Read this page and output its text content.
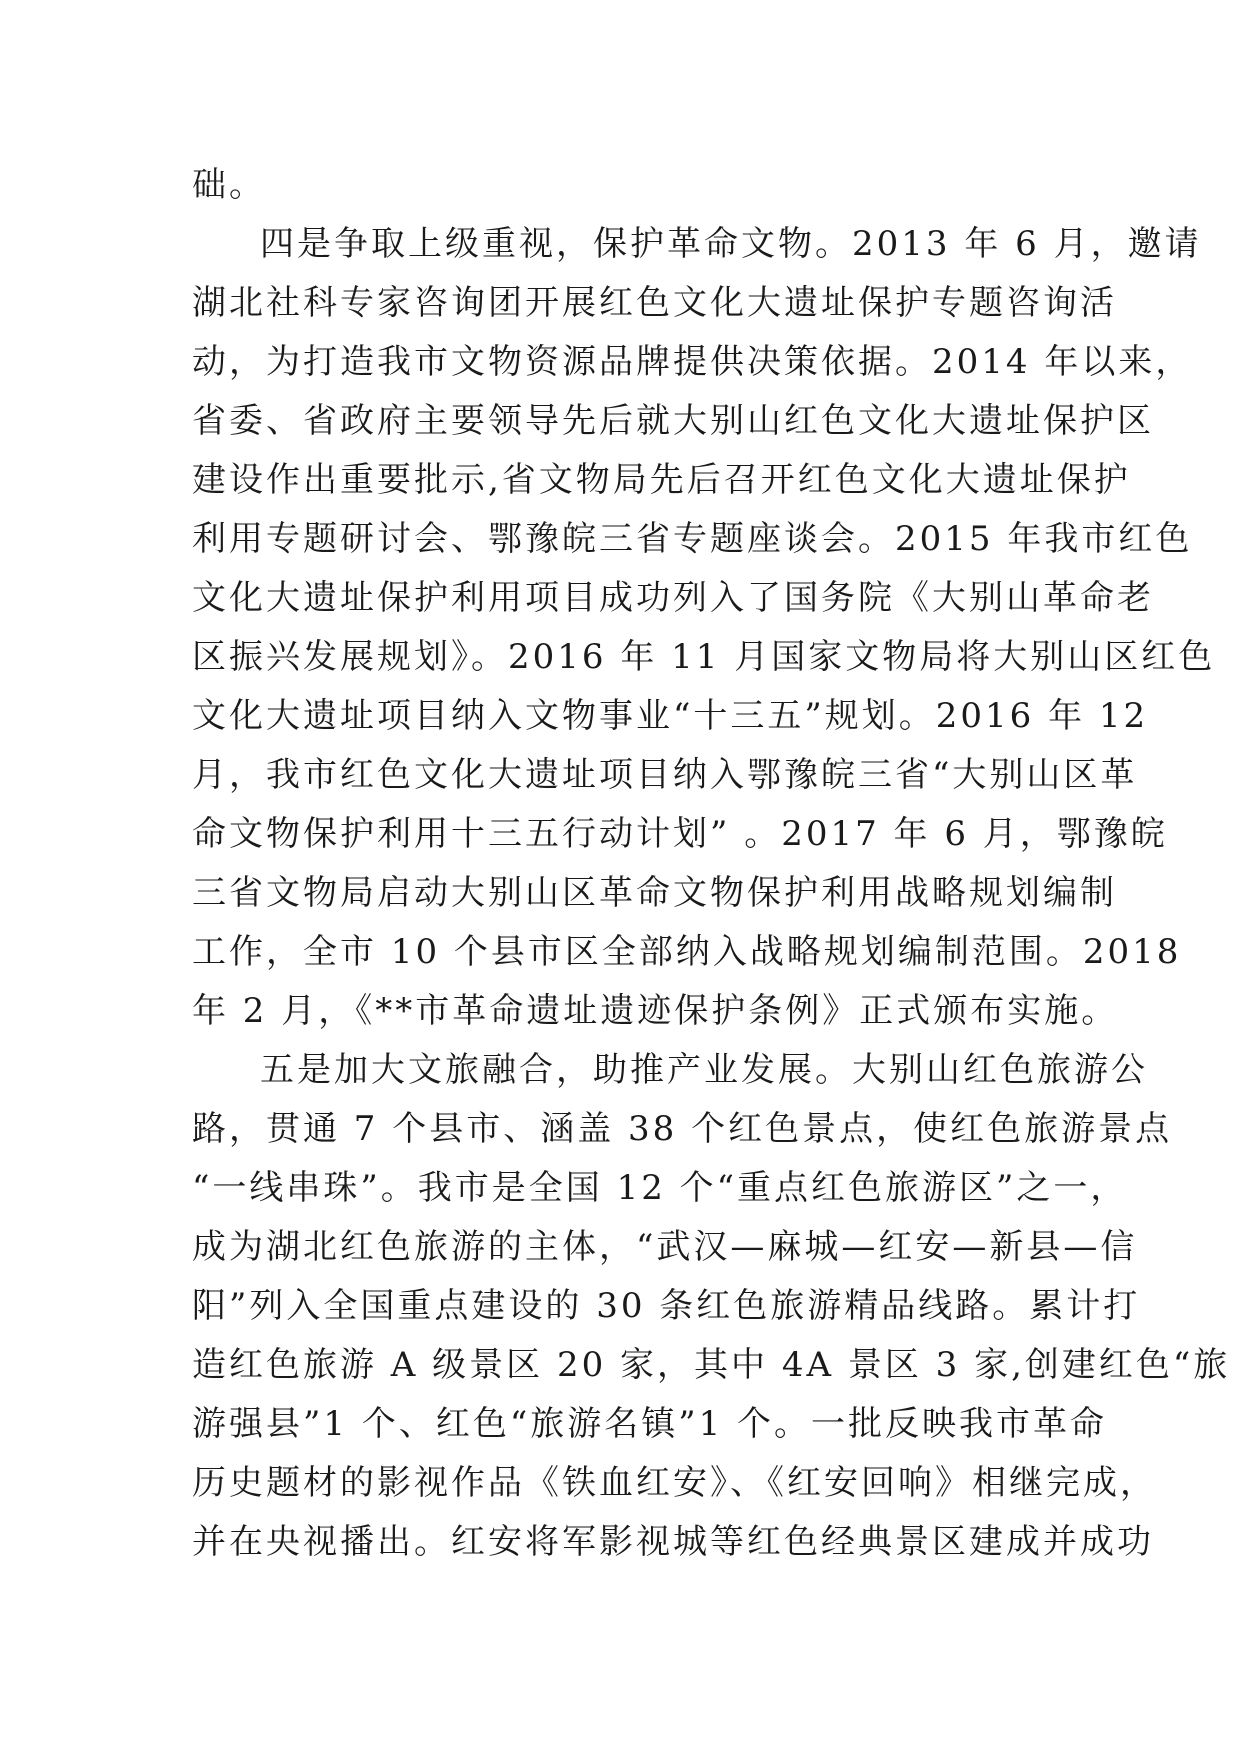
础。
四是争取上级重视，保护革命文物。2013 年 6 月，邀请
湖北社科专家咨询团开展红色文化大遗址保护专题咨询活
动，为打造我市文物资源品牌提供决策依据。2014 年以来，
省委、省政府主要领导先后就大别山红色文化大遗址保护区
建设作出重要批示,省文物局先后召开红色文化大遗址保护
利用专题研讨会、鄂豫皖三省专题座谈会。2015 年我市红色
文化大遗址保护利用项目成功列入了国务院《大别山革命老
区振兴发展规划》。2016 年 11 月国家文物局将大别山区红色
文化大遗址项目纳入文物事业“十三五”规划。2016 年 12
月，我市红色文化大遗址项目纳入鄂豫皖三省“大别山区革
命文物保护利用十三五行动计划” 。2017 年 6 月，鄂豫皖
三省文物局启动大别山区革命文物保护利用战略规划编制
工作，全市 10 个县市区全部纳入战略规划编制范围。2018
年 2 月，《**市革命遗址遗迹保护条例》正式颁布实施。
五是加大文旅融合，助推产业发展。大别山红色旅游公
路，贯通 7 个县市、涵盖 38 个红色景点，使红色旅游景点
“一线串珠”。我市是全国 12 个“重点红色旅游区”之一，
成为湖北红色旅游的主体，“武汉—麻城—红安—新县—信
阳”列入全国重点建设的 30 条红色旅游精品线路。累计打
造红色旅游 A 级景区 20 家，其中 4A 景区 3 家,创建红色“旅
游强县”1 个、红色“旅游名镇”1 个。一批反映我市革命
历史题材的影视作品《铁血红安》、《红安回响》相继完成，
并在央视播出。红安将军影视城等红色经典景区建成并成功
